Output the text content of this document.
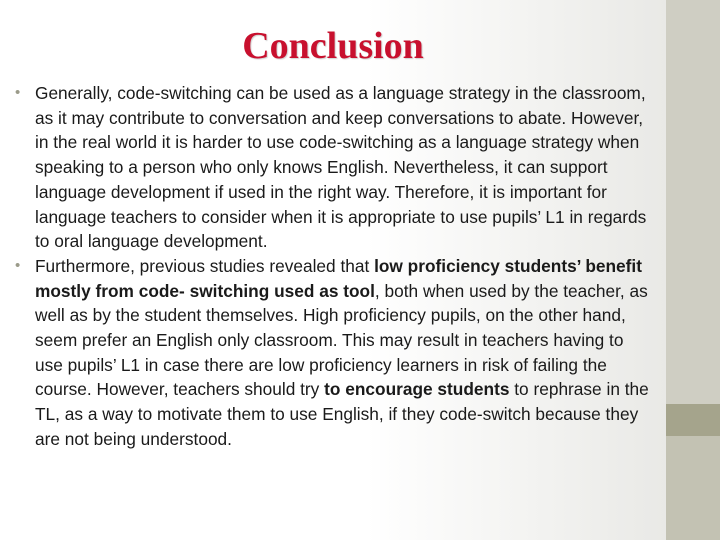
Conclusion
• Generally, code-switching can be used as a language strategy in the classroom, as it may contribute to conversation and keep conversations to abate. However, in the real world it is harder to use code-switching as a language strategy when speaking to a person who only knows English. Nevertheless, it can support language development if used in the right way. Therefore, it is important for language teachers to consider when it is appropriate to use pupils’ L1 in regards to oral language development.

• Furthermore, previous studies revealed that low proficiency students’ benefit mostly from code- switching used as tool, both when used by the teacher, as well as by the student themselves. High proficiency pupils, on the other hand, seem prefer an English only classroom. This may result in teachers having to use pupils’ L1 in case there are low proficiency learners in risk of failing the course. However, teachers should try to encourage students to rephrase in the TL, as a way to motivate them to use English, if they code-switch because they are not being understood.
